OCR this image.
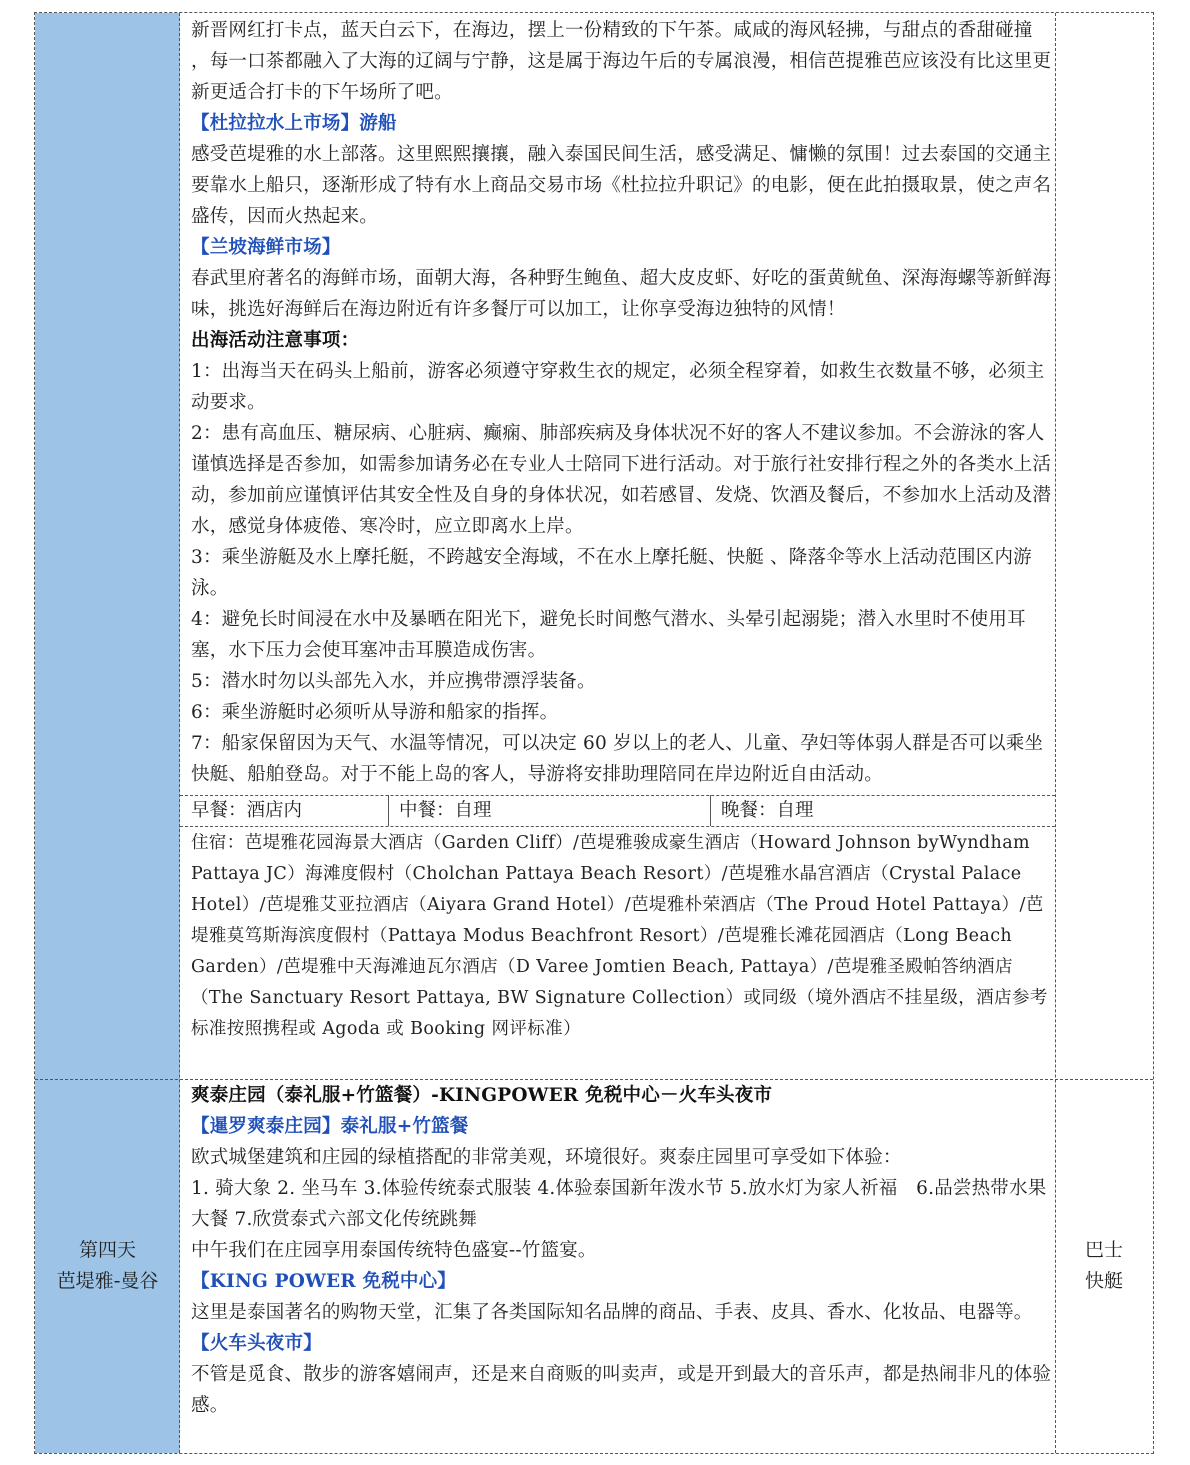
新晋网红打卡点，蓝天白云下，在海边，摆上一份精致的下午茶。咸咸的海风轻拂，与甜点的香甜碰撞 ，每一口茶都融入了大海的辽阔与宁静，这是属于海边午后的专属浪漫，相信芭提雅芭应该没有比这里更新更适合打卡的下午场所了吧。

【杜拉拉水上市场】游船

感受芭堤雅的水上部落。这里熙熙攘攘，融入泰国民间生活，感受满足、慵懒的氛围！过去泰国的交通主要靠水上船只，逐渐形成了特有水上商品交易市场《杜拉拉升职记》的电影，便在此拍摄取景，使之声名盛传，因而火热起来。

【兰坡海鲜市场】

春武里府著名的海鲜市场，面朝大海，各种野生鲍鱼、超大皮皮虾、好吃的蛋黄鱿鱼、深海海螺等新鲜海味，挑选好海鲜后在海边附近有许多餐厅可以加工，让你享受海边独特的风情！

出海活动注意事项：

1：出海当天在码头上船前，游客必须遵守穿救生衣的规定，必须全程穿着，如救生衣数量不够，必须主动要求。

2：患有高血压、糖尿病、心脏病、癫痫、肺部疾病及身体状况不好的客人不建议参加。不会游泳的客人谨慎选择是否参加，如需参加请务必在专业人士陪同下进行活动。对于旅行社安排行程之外的各类水上活动，参加前应谨慎评估其安全性及自身的身体状况，如若感冒、发烧、饮酒及餐后，不参加水上活动及潜水，感觉身体疲倦、寒冷时，应立即离水上岸。

3：乘坐游艇及水上摩托艇，不跨越安全海域，不在水上摩托艇、快艇 、降落伞等水上活动范围区内游泳。

4：避免长时间浸在水中及暴晒在阳光下，避免长时间憋气潜水、头晕引起溺毙；潜入水里时不使用耳塞，水下压力会使耳塞冲击耳膜造成伤害。

5：潜水时勿以头部先入水，并应携带漂浮装备。

6：乘坐游艇时必须听从导游和船家的指挥。

7：船家保留因为天气、水温等情况，可以决定 60 岁以上的老人、儿童、孕妇等体弱人群是否可以乘坐快艇、船舶登岛。对于不能上岛的客人，导游将安排助理陪同在岸边附近自由活动。

早餐：酒店内	中餐：自理	晚餐：自理

住宿：芭堤雅花园海景大酒店（Garden Cliff）/芭堤雅骏成豪生酒店（Howard Johnson byWyndham Pattaya JC）海滩度假村（Cholchan Pattaya Beach Resort）/芭堤雅水晶宫酒店（Crystal Palace Hotel）/芭堤雅艾亚拉酒店（Aiyara Grand Hotel）/芭堤雅朴荣酒店（The Proud Hotel Pattaya）/芭堤雅莫笃斯海滨度假村（Pattaya Modus Beachfront Resort）/芭堤雅长滩花园酒店（Long Beach Garden）/芭堤雅中天海滩迪瓦尔酒店（D Varee Jomtien Beach, Pattaya）/芭堤雅圣殿帕答纳酒店（The Sanctuary Resort Pattaya, BW Signature Collection）或同级（境外酒店不挂星级，酒店参考标准按照携程或 Agoda 或 Booking 网评标准）

第四天
芭堤雅-曼谷
巴士
快艇

爽泰庄园（泰礼服+竹篮餐）-KINGPOWER 免税中心－火车头夜市

【暹罗爽泰庄园】泰礼服+竹篮餐

欧式城堡建筑和庄园的绿植搭配的非常美观，环境很好。爽泰庄园里可享受如下体验：

1. 骑大象 2. 坐马车 3.体验传统泰式服装 4.体验泰国新年泼水节 5.放水灯为家人祈福　6.品尝热带水果大餐 7.欣赏泰式六部文化传统跳舞

中午我们在庄园享用泰国传统特色盛宴--竹篮宴。

【KING POWER 免税中心】

这里是泰国著名的购物天堂，汇集了各类国际知名品牌的商品、手表、皮具、香水、化妆品、电器等。

【火车头夜市】

不管是觅食、散步的游客嬉闹声，还是来自商贩的叫卖声，或是开到最大的音乐声，都是热闹非凡的体验感。
